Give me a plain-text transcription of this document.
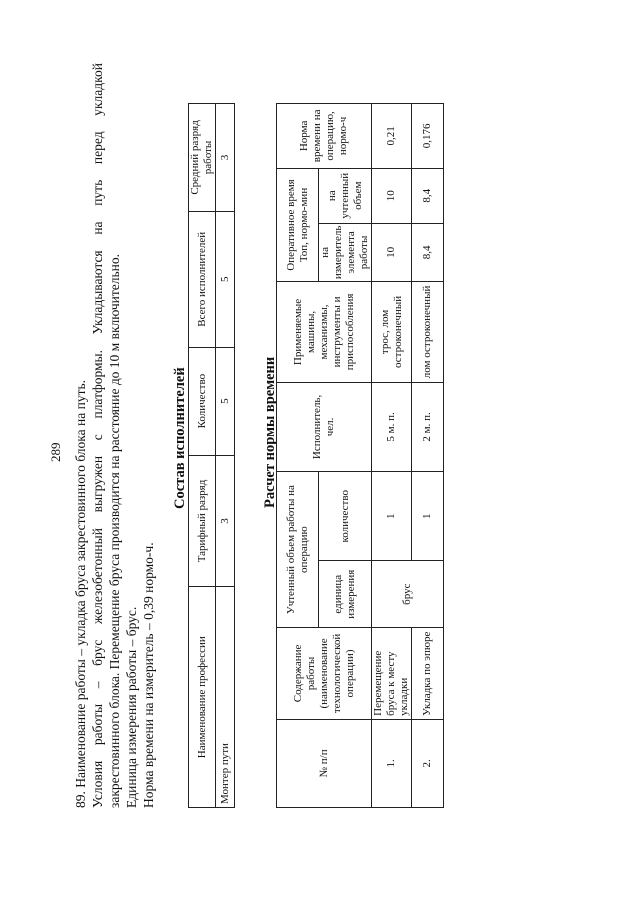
289 89. Наименование работы – укладка бруса закрестовинного блока на путь. Условия работы – брус железобетонный выгружен с платформы. Укладываются на путь перед укладкой закрестовинного блока. Перемещение бруса производится на расстояние до 10 м включительно. Единица измерения работы – брус. Норма времени на измеритель – 0,39 нормо-ч.
Состав исполнителей
Наименование профессии	Тарифный разряд	Количество	Всего исполнителей	Средний разряд работы
Монтер пути	3	5	5	3
Расчет нормы времени
№ п/п	Содержание работы (наименование технологической операции)	Учтенный объем работы на операцию		Исполнитель, чел.	Применяемые машины, механизмы, инструменты и приспособления	Оперативное время Топ, нормо-мин		Норма времени на операцию, нормо-ч
		единица измерения	количество			на измеритель элемента работы	на учтенный объем	
1.	Перемещение бруса к месту укладки	брус	1	5 м. п.	трос, лом остроконечный	10	10	0,21
2.	Укладка по эпюре		1	2 м. п.	лом остроконечный	8,4	8,4	0,176
